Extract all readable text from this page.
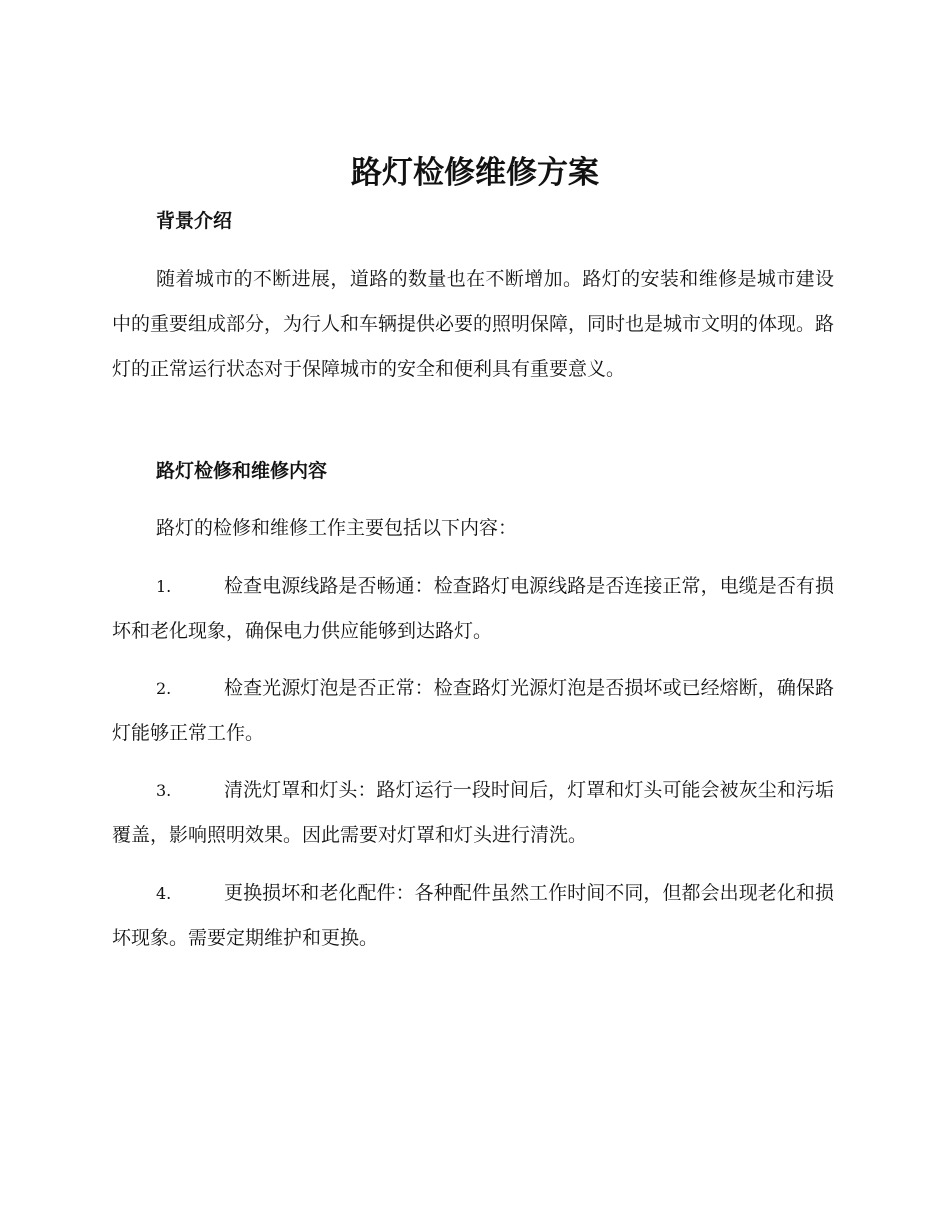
路灯检修维修方案
背景介绍

随着城市的不断进展，道路的数量也在不断增加。路灯的安装和维修是城市建设中的重要组成部分，为行人和车辆提供必要的照明保障，同时也是城市文明的体现。路灯的正常运行状态对于保障城市的安全和便利具有重要意义。

路灯检修和维修内容

路灯的检修和维修工作主要包括以下内容：

1.	检查电源线路是否畅通：检查路灯电源线路是否连接正常，电缆是否有损坏和老化现象，确保电力供应能够到达路灯。

2.	检查光源灯泡是否正常：检查路灯光源灯泡是否损坏或已经熔断，确保路灯能够正常工作。

3.	清洗灯罩和灯头：路灯运行一段时间后，灯罩和灯头可能会被灰尘和污垢覆盖，影响照明效果。因此需要对灯罩和灯头进行清洗。

4.	更换损坏和老化配件：各种配件虽然工作时间不同，但都会出现老化和损坏现象。需要定期维护和更换。
